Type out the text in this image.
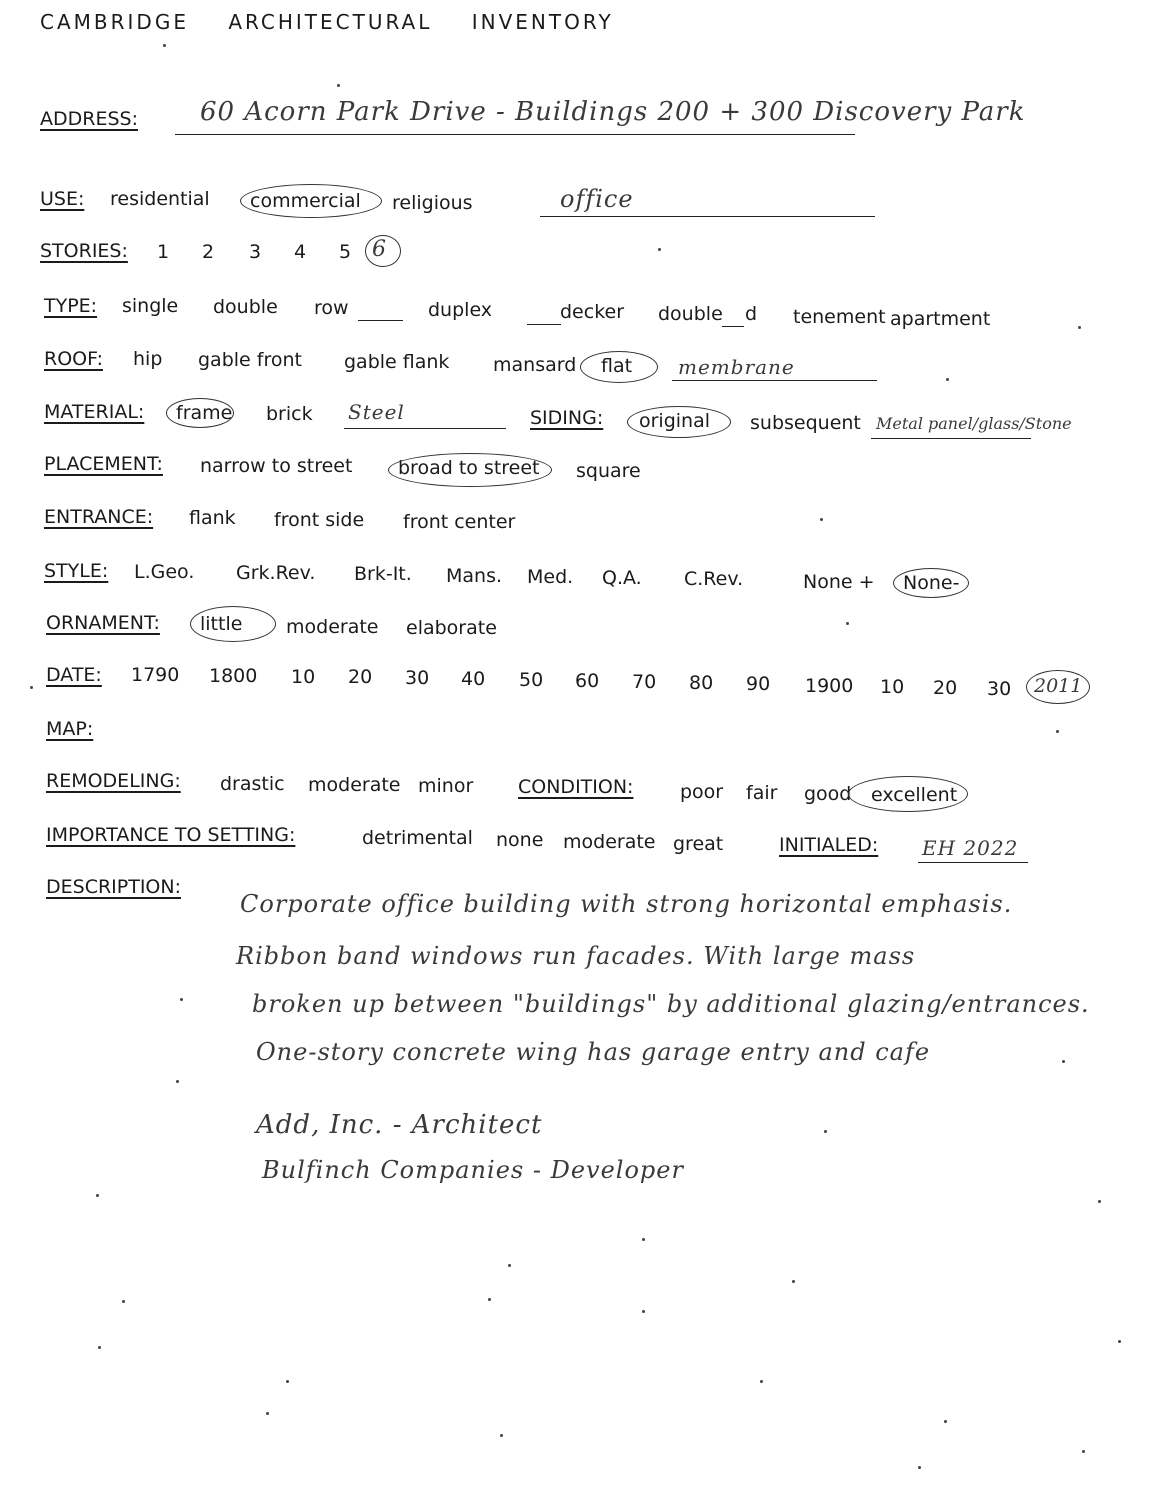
CAMBRIDGE ARCHITECTURAL INVENTORY
ADDRESS: 60 Acorn Park Drive - Buildings 200 + 300 Discovery Park
USE: residential commercial religious	office
STORIES: 1 2 3 4 5 6
TYPE: single double row	duplex	decker double d tenement apartment
ROOF: hip gable front gable flank mansard flat membrane
MATERIAL: frame brick Steel	SIDING: original subsequent Metal panel/glass/Stone
PLACEMENT: narrow to street broad to street square
ENTRANCE: flank front side front center
STYLE: L.Geo. Grk.Rev. Brk-It. Mans. Med. Q.A. C.Rev.	None + None-
ORNAMENT: little moderate elaborate
DATE: 1790 1800 10 20 30 40 50 60 70 80 90 1900 10 20 30 2011
MAP:
REMODELING: drastic moderate minor CONDITION: poor fair good excellent
IMPORTANCE TO SETTING:	detrimental none moderate great	INITIALED: EH 2022
DESCRIPTION:
Corporate office building with strong horizontal emphasis.
Ribbon band windows run facades. With large mass
broken up between "buildings" by additional glazing/entrances.
One-story concrete wing has garage entry and cafe
Add, Inc. - Architect
Bulfinch Companies - Developer
